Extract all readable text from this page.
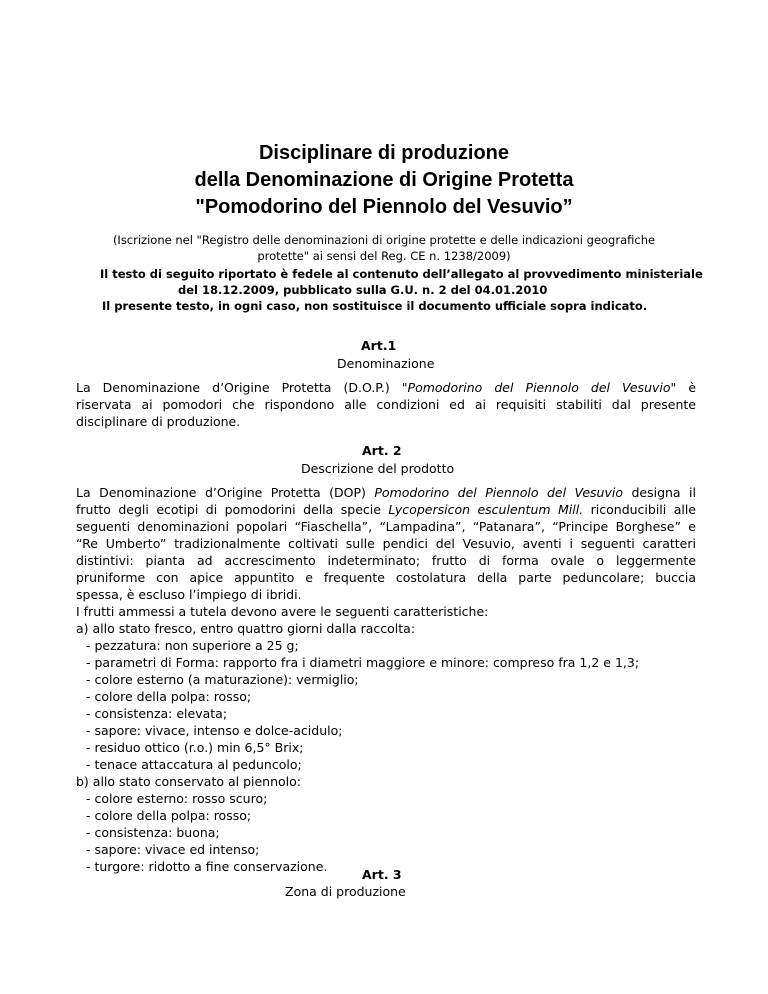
Disciplinare di produzione
della Denominazione di Origine Protetta
"Pomodorino del Piennolo del Vesuvio”
(Iscrizione nel "Registro delle denominazioni di origine protette e delle indicazioni geografiche
protette" ai sensi del Reg. CE n. 1238/2009)
Il testo di seguito riportato è fedele al contenuto dell’allegato al provvedimento ministeriale
del 18.12.2009, pubblicato sulla G.U. n. 2 del 04.01.2010
Il presente testo, in ogni caso, non sostituisce il documento ufficiale sopra indicato.
Art.1
Denominazione
La Denominazione d’Origine Protetta (D.O.P.) "Pomodorino del Piennolo del Vesuvio" è
riservata ai pomodori che rispondono alle condizioni ed ai requisiti stabiliti dal presente
disciplinare di produzione.
Art. 2
Descrizione del prodotto
La Denominazione d’Origine Protetta (DOP) Pomodorino del Piennolo del Vesuvio designa il
frutto degli ecotipi di pomodorini della specie Lycopersicon esculentum Mill. riconducibili alle
seguenti denominazioni popolari “Fiaschella”, “Lampadina”, “Patanara”, “Principe Borghese” e
“Re Umberto” tradizionalmente coltivati sulle pendici del Vesuvio, aventi i seguenti caratteri
distintivi: pianta ad accrescimento indeterminato; frutto di forma ovale o leggermente
pruniforme con apice appuntito e frequente costolatura della parte peduncolare; buccia
spessa, è escluso l’impiego di ibridi.
I frutti ammessi a tutela devono avere le seguenti caratteristiche:
a) allo stato fresco, entro quattro giorni dalla raccolta:
- pezzatura: non superiore a 25 g;
- parametri di Forma: rapporto fra i diametri maggiore e minore: compreso fra 1,2 e 1,3;
- colore esterno (a maturazione): vermiglio;
- colore della polpa: rosso;
- consistenza: elevata;
- sapore: vivace, intenso e dolce-acidulo;
- residuo ottico (r.o.) min 6,5° Brix;
- tenace attaccatura al peduncolo;
b) allo stato conservato al piennolo:
- colore esterno: rosso scuro;
- colore della polpa: rosso;
- consistenza: buona;
- sapore: vivace ed intenso;
- turgore: ridotto a fine conservazione.
Art. 3
Zona di produzione
